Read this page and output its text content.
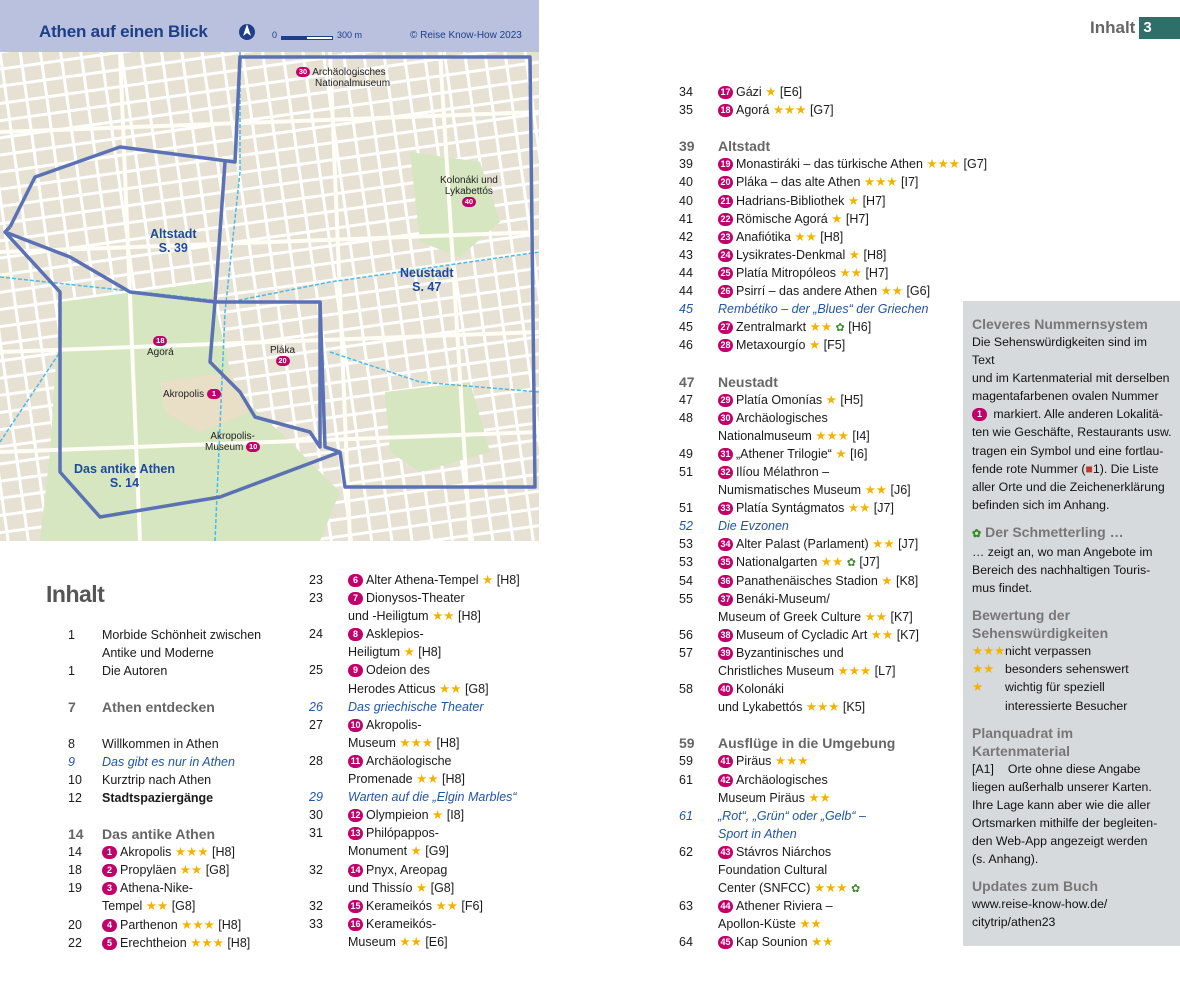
Athen auf einen Blick	0	300 m	© Reise Know-How 2023
30 Archäologisches
Nationalmuseum
Kolonáki und
Lykabettós
40
18
Agorá	Pláka
20
Akropolis 1
Akropolis-
Museum 10
Altstadt
S. 39
Neustadt
S. 47
Das antike Athen
S. 14
Inhalt 3
Inhalt
1	Morbide Schönheit zwischen
Antike und Moderne
1	Die Autoren
7	Athen entdecken
8	Willkommen in Athen
9	Das gibt es nur in Athen
10	Kurztrip nach Athen
12	Stadtspaziergänge
14	Das antike Athen
14	1 Akropolis ★★★ [H8]
18	2 Propyläen ★★ [G8]
19	3 Athena-Nike-
Tempel ★★ [G8]
20	4 Parthenon ★★★ [H8]
22	5 Erechtheion ★★★ [H8]
23	6 Alter Athena-Tempel ★ [H8]
23	7 Dionysos-Theater
und -Heiligtum ★★ [H8]
24	8 Asklepios-
Heiligtum ★ [H8]
25	9 Odeion des
Herodes Atticus ★★ [G8]
26	Das griechische Theater
27	10 Akropolis-
Museum ★★★ [H8]
28	11 Archäologische
Promenade ★★ [H8]
29	Warten auf die „Elgin Marbles“
30	12 Olympieion ★ [I8]
31	13 Philópappos-
Monument ★ [G9]
32	14 Pnyx, Areopag
und Thissío ★ [G8]
32	15 Kerameikós ★★ [F6]
33	16 Kerameikós-
Museum ★★ [E6]
34	17 Gázi ★ [E6]
35	18 Agorá ★★★ [G7]
39	Altstadt
39	19 Monastiráki – das türkische Athen ★★★ [G7]
40	20 Pláka – das alte Athen ★★★ [I7]
40	21 Hadrians-Bibliothek ★ [H7]
41	22 Römische Agorá ★ [H7]
42	23 Anafiótika ★★ [H8]
43	24 Lysikrates-Denkmal ★ [H8]
44	25 Platía Mitropóleos ★★ [H7]
44	26 Psirrí – das andere Athen ★★ [G6]
45	Rembétiko – der „Blues“ der Griechen
45	27 Zentralmarkt ★★ ✿ [H6]
46	28 Metaxourgío ★ [F5]
47	Neustadt
47	29 Platía Omonías ★ [H5]
48	30 Archäologisches
Nationalmuseum ★★★ [I4]
49	31 „Athener Trilogie“ ★ [I6]
51	32 Ilíou Mélathron –
Numismatisches Museum ★★ [J6]
51	33 Platía Syntágmatos ★★ [J7]
52	Die Evzonen
53	34 Alter Palast (Parlament) ★★ [J7]
53	35 Nationalgarten ★★ ✿ [J7]
54	36 Panathenäisches Stadion ★ [K8]
55	37 Benáki-Museum/
Museum of Greek Culture ★★ [K7]
56	38 Museum of Cycladic Art ★★ [K7]
57	39 Byzantinisches und
Christliches Museum ★★★ [L7]
58	40 Kolonáki
und Lykabettós ★★★ [K5]
59	Ausflüge in die Umgebung
59	41 Piräus ★★★
61	42 Archäologisches
Museum Piräus ★★
61	„Rot“, „Grün“ oder „Gelb“ –
Sport in Athen
62	43 Stávros Niárchos
Foundation Cultural
Center (SNFCC) ★★★ ✿
63	44 Athener Riviera –
Apollon-Küste ★★
64	45 Kap Sounion ★★
Cleveres Nummernsystem
Die Sehenswürdigkeiten sind im Text
und im Kartenmaterial mit derselben
magentafarbenen ovalen Nummer
1 markiert. Alle anderen Lokalitä-
ten wie Geschäfte, Restaurants usw.
tragen ein Symbol und eine fortlau-
fende rote Nummer (■1). Die Liste
aller Orte und die Zeichenerklärung
befinden sich im Anhang.
✿ Der Schmetterling …
… zeigt an, wo man Angebote im
Bereich des nachhaltigen Touris-
mus findet.
Bewertung der
Sehenswürdigkeiten
★★★nicht verpassen
★★ besonders sehenswert
★ wichtig für speziell
interessierte Besucher
Planquadrat im Kartenmaterial
[A1] Orte ohne diese Angabe
liegen außerhalb unserer Karten.
Ihre Lage kann aber wie die aller
Ortsmarken mithilfe der begleiten-
den Web-App angezeigt werden
(s. Anhang).
Updates zum Buch
www.reise-know-how.de/
citytrip/athen23
